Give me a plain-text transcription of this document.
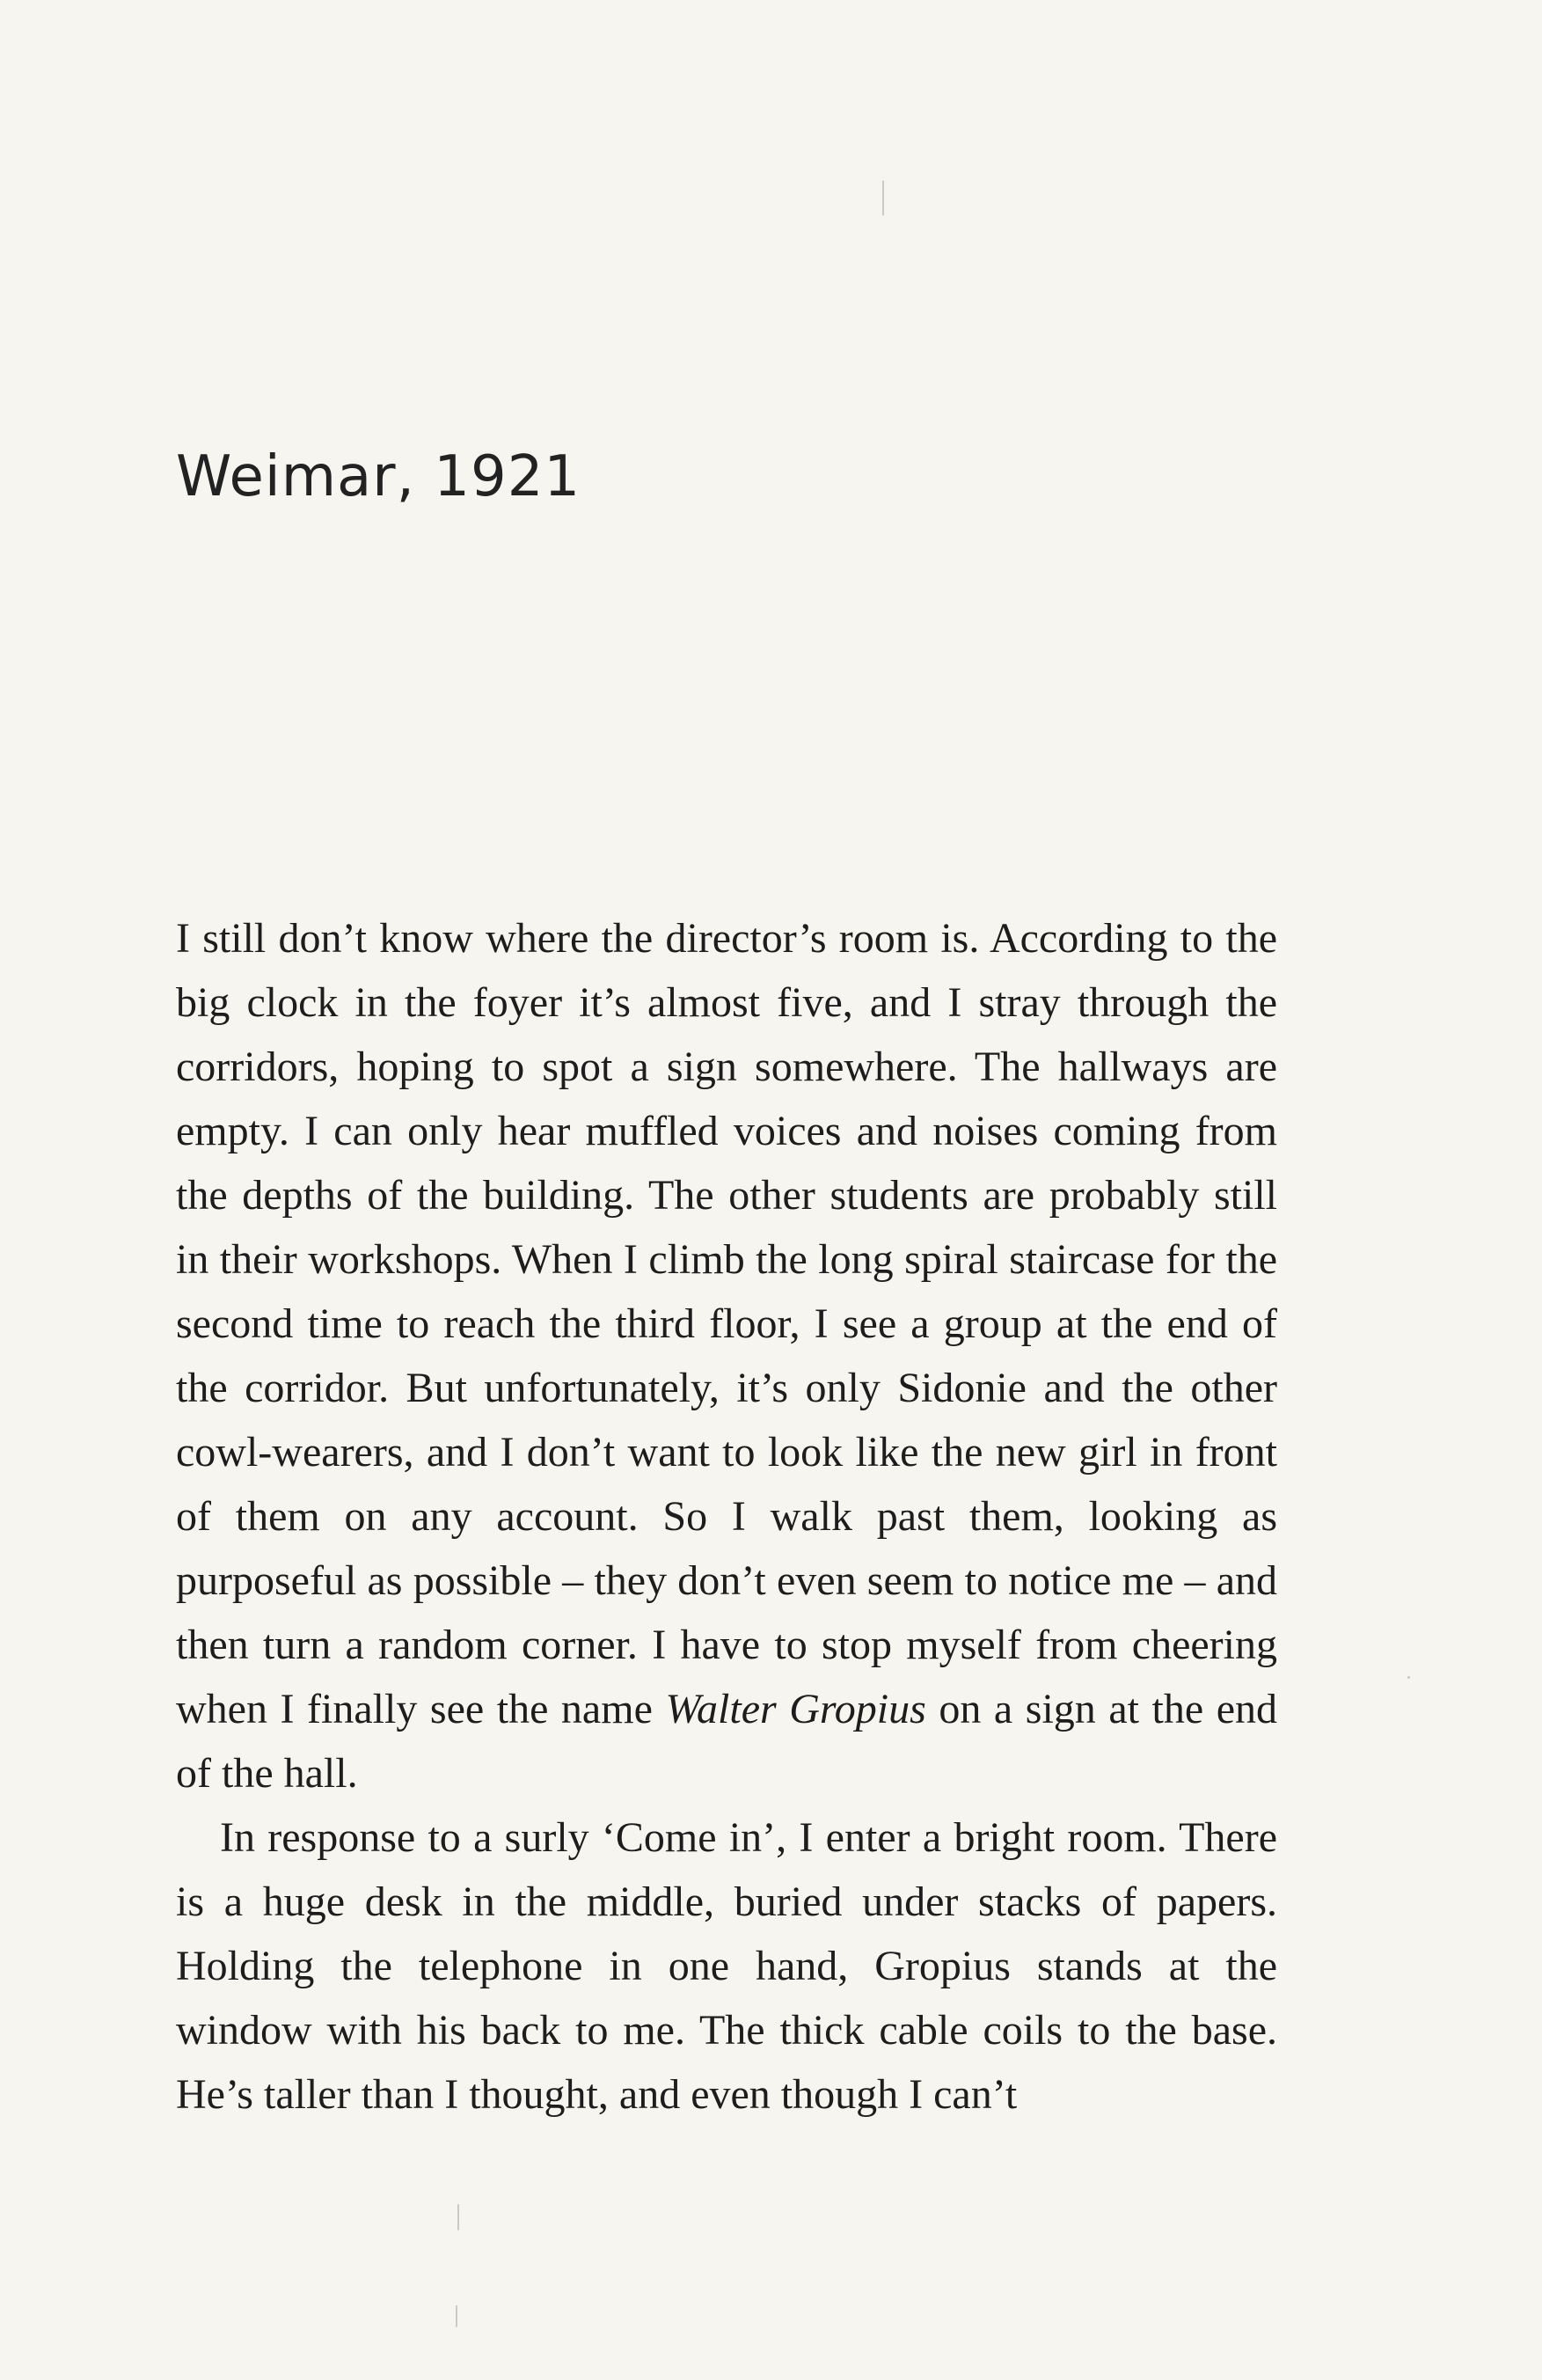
Weimar, 1921

I still don’t know where the director’s room is. According to the big clock in the foyer it’s almost five, and I stray through the corridors, hoping to spot a sign somewhere. The hallways are empty. I can only hear muffled voices and noises coming from the depths of the building. The other students are probably still in their workshops. When I climb the long spiral staircase for the second time to reach the third floor, I see a group at the end of the corridor. But unfortunately, it’s only Sidonie and the other cowl-wearers, and I don’t want to look like the new girl in front of them on any account. So I walk past them, looking as purposeful as possible – they don’t even seem to notice me – and then turn a random corner. I have to stop myself from cheering when I finally see the name Walter Gropius on a sign at the end of the hall.

In response to a surly ‘Come in’, I enter a bright room. There is a huge desk in the middle, buried under stacks of papers. Holding the telephone in one hand, Gropius stands at the window with his back to me. The thick cable coils to the base. He’s taller than I thought, and even though I can’t
